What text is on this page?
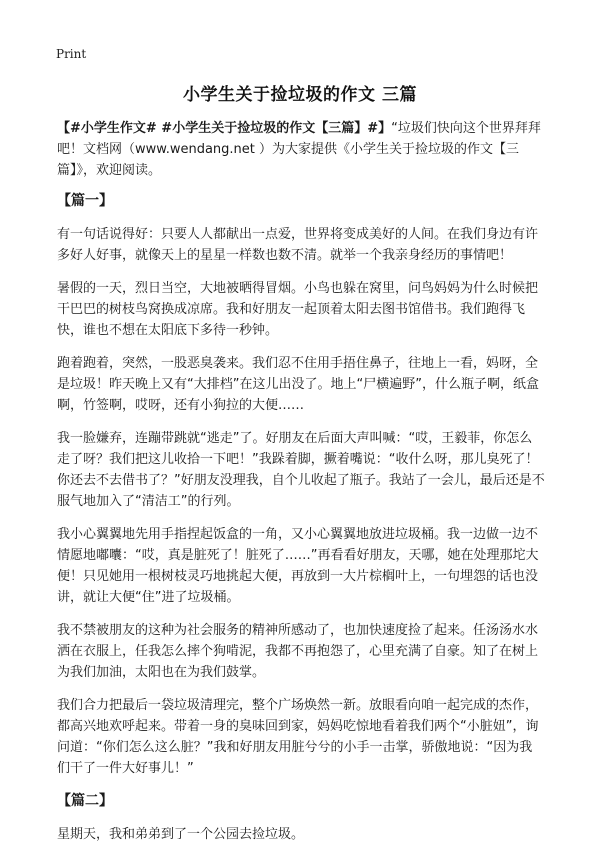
Print
小学生关于捡垃圾的作文 三篇

【#小学生作文# #小学生关于捡垃圾的作文【三篇】#】“垃圾们快向这个世界拜拜吧！文档网（www.wendang.net ）为大家提供《小学生关于捡垃圾的作文【三篇】》，欢迎阅读。

【篇一】

有一句话说得好：只要人人都献出一点爱，世界将变成美好的人间。在我们身边有许多好人好事，就像天上的星星一样数也数不清。就举一个我亲身经历的事情吧！

暑假的一天，烈日当空，大地被晒得冒烟。小鸟也躲在窝里，问鸟妈妈为什么时候把干巴巴的树枝鸟窝换成凉席。我和好朋友一起顶着太阳去图书馆借书。我们跑得飞快，谁也不想在太阳底下多待一秒钟。

跑着跑着，突然，一股恶臭袭来。我们忍不住用手捂住鼻子，往地上一看，妈呀，全是垃圾！昨天晚上又有“大排档”在这儿出没了。地上“尸横遍野”，什么瓶子啊，纸盒啊，竹签啊，哎呀，还有小狗拉的大便……

我一脸嫌弃，连蹦带跳就“逃走”了。好朋友在后面大声叫喊：“哎，王毅菲，你怎么走了呀？我们把这儿收拾一下吧！”我跺着脚，撅着嘴说：“收什么呀，那儿臭死了！你还去不去借书了？”好朋友没理我，自个儿收起了瓶子。我站了一会儿，最后还是不服气地加入了“清洁工”的行列。

我小心翼翼地先用手指捏起饭盒的一角，又小心翼翼地放进垃圾桶。我一边做一边不情愿地嘟囔：“哎，真是脏死了！脏死了……”再看看好朋友，天哪，她在处理那坨大便！只见她用一根树枝灵巧地挑起大便，再放到一大片棕榈叶上，一句埋怨的话也没讲，就让大便“住”进了垃圾桶。

我不禁被朋友的这种为社会服务的精神所感动了，也加快速度捡了起来。任汤汤水水洒在衣服上，任我怎么摔个狗啃泥，我都不再抱怨了，心里充满了自豪。知了在树上为我们加油，太阳也在为我们鼓掌。

我们合力把最后一袋垃圾清理完，整个广场焕然一新。放眼看向咱一起完成的杰作，都高兴地欢呼起来。带着一身的臭味回到家，妈妈吃惊地看着我们两个“小脏妞”，询问道：“你们怎么这么脏？”我和好朋友用脏兮兮的小手一击掌，骄傲地说：“因为我们干了一件大好事儿！”

【篇二】

星期天，我和弟弟到了一个公园去捡垃圾。
